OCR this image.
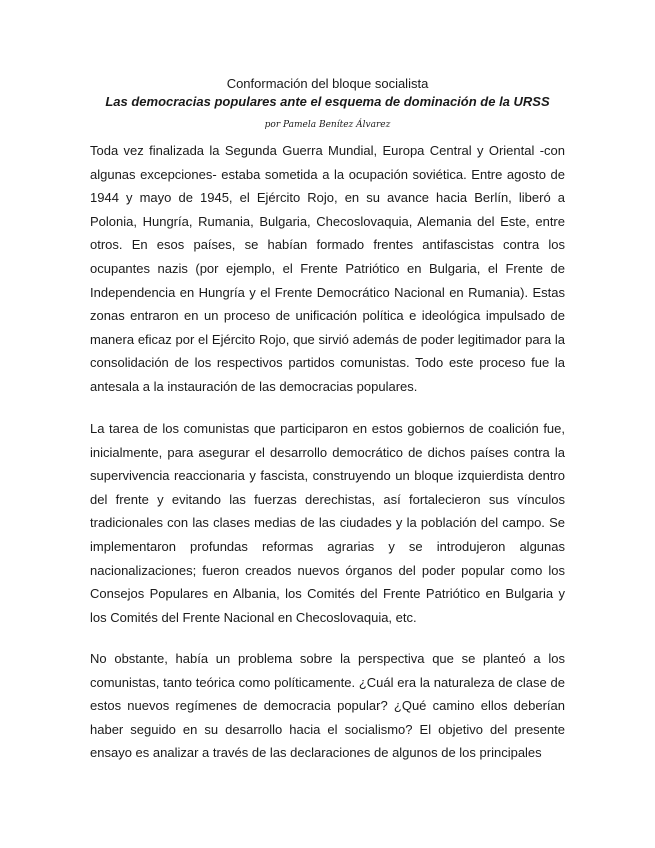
Conformación del bloque socialista
Las democracias populares ante el esquema de dominación de la URSS

por Pamela Benítez Álvarez

Toda vez finalizada la Segunda Guerra Mundial, Europa Central y Oriental -con algunas excepciones- estaba sometida a la ocupación soviética. Entre agosto de 1944 y mayo de 1945, el Ejército Rojo, en su avance hacia Berlín, liberó a Polonia, Hungría, Rumania, Bulgaria, Checoslovaquia, Alemania del Este, entre otros. En esos países, se habían formado frentes antifascistas contra los ocupantes nazis (por ejemplo, el Frente Patriótico en Bulgaria, el Frente de Independencia en Hungría y el Frente Democrático Nacional en Rumania). Estas zonas entraron en un proceso de unificación política e ideológica impulsado de manera eficaz por el Ejército Rojo, que sirvió además de poder legitimador para la consolidación de los respectivos partidos comunistas. Todo este proceso fue la antesala a la instauración de las democracias populares.

La tarea de los comunistas que participaron en estos gobiernos de coalición fue, inicialmente, para asegurar el desarrollo democrático de dichos países contra la supervivencia reaccionaria y fascista, construyendo un bloque izquierdista dentro del frente y evitando las fuerzas derechistas, así fortalecieron sus vínculos tradicionales con las clases medias de las ciudades y la población del campo. Se implementaron profundas reformas agrarias y se introdujeron algunas nacionalizaciones; fueron creados nuevos órganos del poder popular como los Consejos Populares en Albania, los Comités del Frente Patriótico en Bulgaria y los Comités del Frente Nacional en Checoslovaquia, etc.

No obstante, había un problema sobre la perspectiva que se planteó a los comunistas, tanto teórica como políticamente. ¿Cuál era la naturaleza de clase de estos nuevos regímenes de democracia popular? ¿Qué camino ellos deberían haber seguido en su desarrollo hacia el socialismo? El objetivo del presente ensayo es analizar a través de las declaraciones de algunos de los principales
